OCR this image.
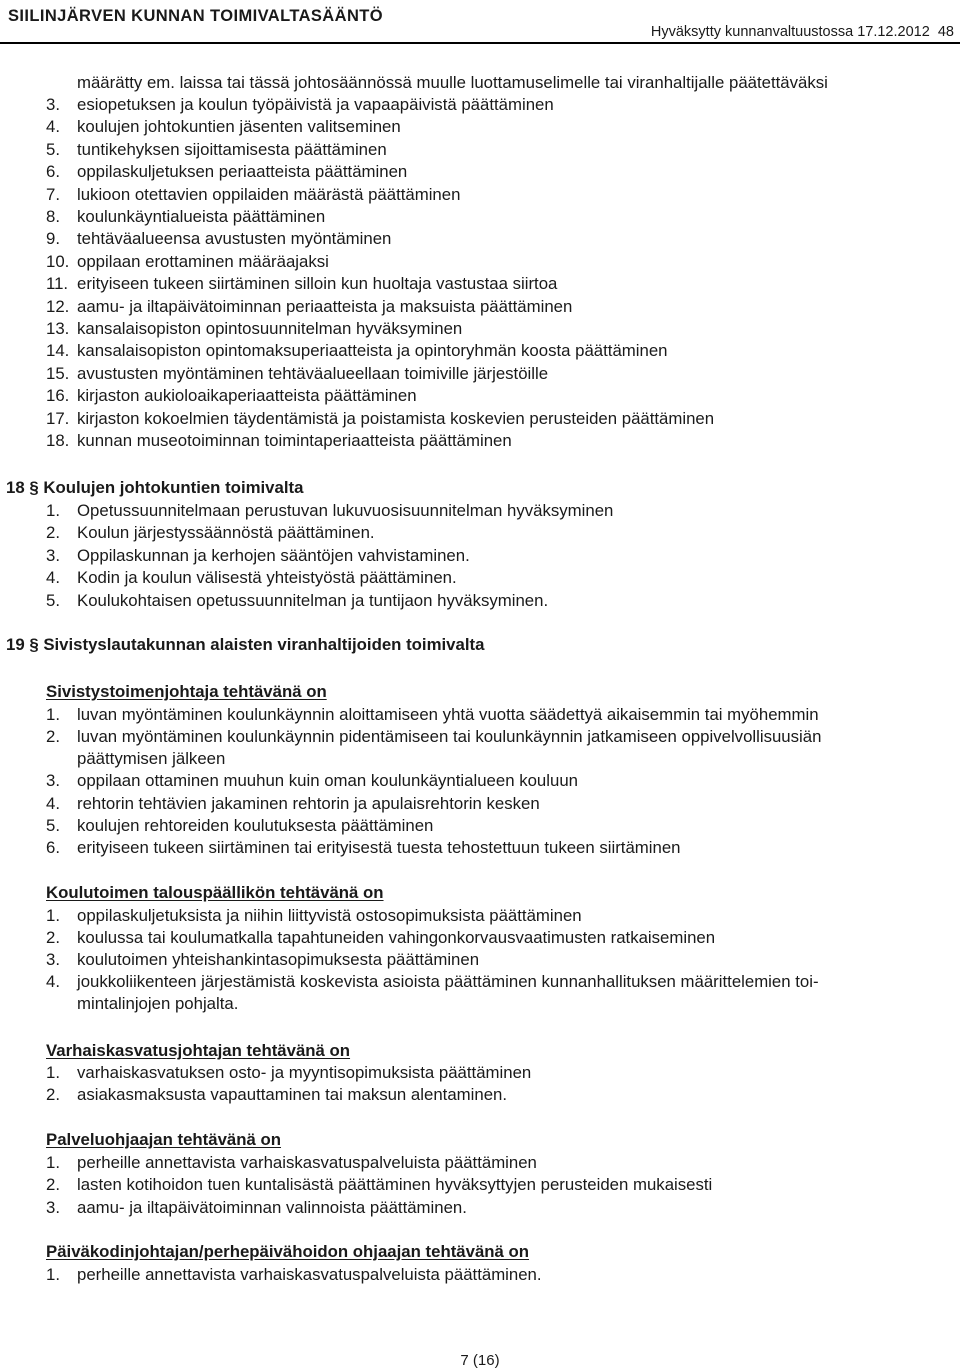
SIILINJÄRVEN KUNNAN TOIMIVALTASÄÄNTÖ
Hyväksytty kunnanvaltuustossa 17.12.2012 48
määrätty em. laissa tai tässä johtosäännössä muulle luottamuselimelle tai viranhaltijalle päätettäväksi
3. esiopetuksen ja koulun työpäivistä ja vapaapäivistä päättäminen
4. koulujen johtokuntien jäsenten valitseminen
5. tuntikehyksen sijoittamisesta päättäminen
6. oppilaskuljetuksen periaatteista päättäminen
7. lukioon otettavien oppilaiden määrästä päättäminen
8. koulunkäyntialueista päättäminen
9. tehtäväalueensa avustusten myöntäminen
10. oppilaan erottaminen määräajaksi
11. erityiseen tukeen siirtäminen silloin kun huoltaja vastustaa siirtoa
12. aamu- ja iltapäivätoiminnan periaatteista ja maksuista päättäminen
13. kansalaisopiston opintosuunnitelman hyväksyminen
14. kansalaisopiston opintomaksuperiaatteista ja opintoryhmän koosta päättäminen
15. avustusten myöntäminen tehtäväalueellaan toimiville järjestöille
16. kirjaston aukioloaikaperiaatteista päättäminen
17. kirjaston kokoelmien täydentämistä ja poistamista koskevien perusteiden päättäminen
18. kunnan museotoiminnan toimintaperiaatteista päättäminen
18 § Koulujen johtokuntien toimivalta
1. Opetussuunnitelmaan perustuvan lukuvuosisuunnitelman hyväksyminen
2. Koulun järjestyssäännöstä päättäminen.
3. Oppilaskunnan ja kerhojen sääntöjen vahvistaminen.
4. Kodin ja koulun välisestä yhteistyöstä päättäminen.
5. Koulukohtaisen opetussuunnitelman ja tuntijaon hyväksyminen.
19 § Sivistyslautakunnan alaisten viranhaltijoiden toimivalta
Sivistystoimenjohtaja tehtävänä on
1. luvan myöntäminen koulunkäynnin aloittamiseen yhtä vuotta säädettyä aikaisemmin tai myöhemmin
2. luvan myöntäminen koulunkäynnin pidentämiseen tai koulunkäynnin jatkamiseen oppivelvollisuusiän
päättymisen jälkeen
3. oppilaan ottaminen muuhun kuin oman koulunkäyntialueen kouluun
4. rehtorin tehtävien jakaminen rehtorin ja apulaisrehtorin kesken
5. koulujen rehtoreiden koulutuksesta päättäminen
6. erityiseen tukeen siirtäminen tai erityisestä tuesta tehostettuun tukeen siirtäminen
Koulutoimen talouspäällikön tehtävänä on
1. oppilaskuljetuksista ja niihin liittyvistä ostosopimuksista päättäminen
2. koulussa tai koulumatkalla tapahtuneiden vahingonkorvausvaatimusten ratkaiseminen
3. koulutoimen yhteishankintasopimuksesta päättäminen
4. joukkoliikenteen järjestämistä koskevista asioista päättäminen kunnanhallituksen määrittelemien toi-
mintalinjojen pohjalta.
Varhaiskasvatusjohtajan tehtävänä on
1. varhaiskasvatuksen osto- ja myyntisopimuksista päättäminen
2. asiakasmaksusta vapauttaminen tai maksun alentaminen.
Palveluohjaajan tehtävänä on
1. perheille annettavista varhaiskasvatuspalveluista päättäminen
2. lasten kotihoidon tuen kuntalisästä päättäminen hyväksyttyjen perusteiden mukaisesti
3. aamu- ja iltapäivätoiminnan valinnoista päättäminen.
Päiväkodinjohtajan/perhepäivähoidon ohjaajan tehtävänä on
1. perheille annettavista varhaiskasvatuspalveluista päättäminen.
7 (16)
